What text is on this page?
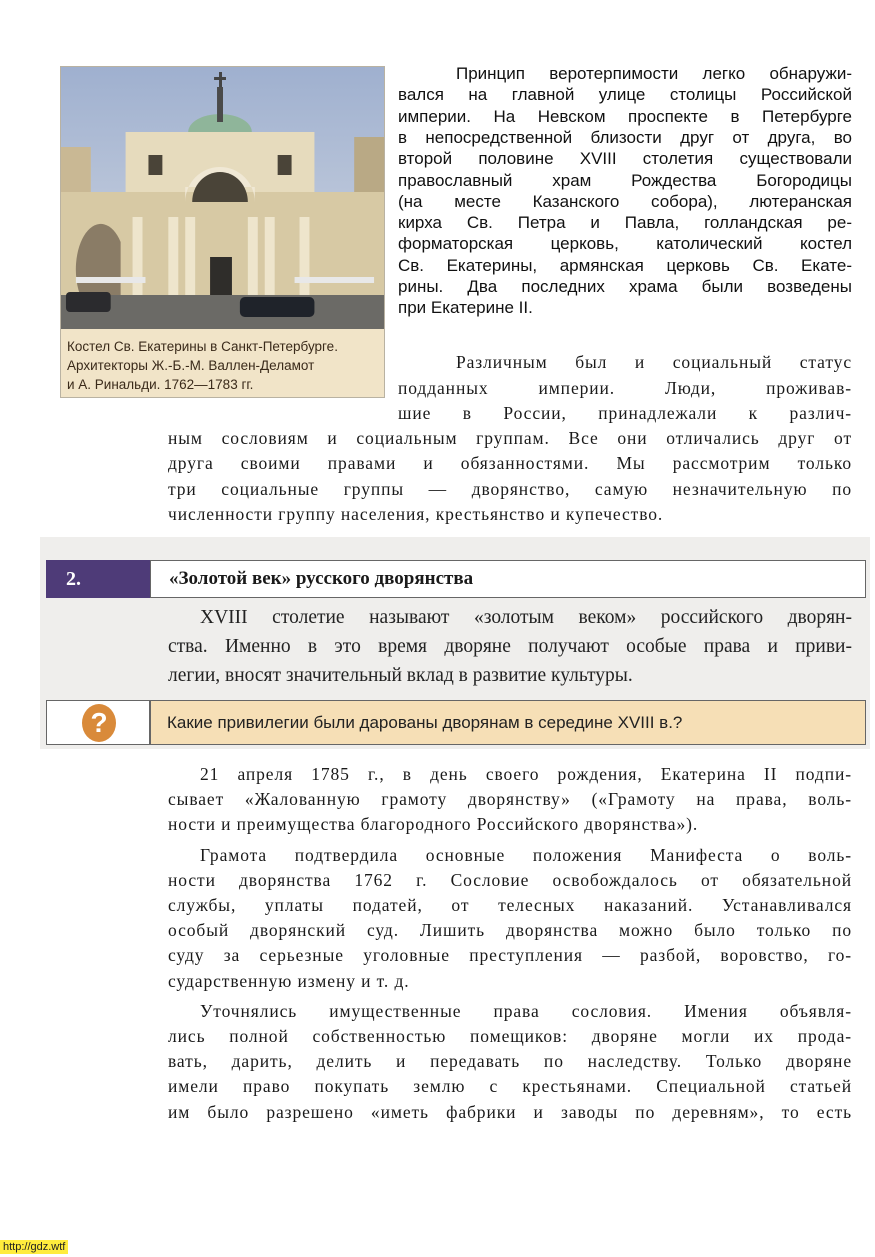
Костел Св. Екатерины в Санкт-Петербурге.
Архитекторы Ж.-Б.-М. Валлен-Деламот
и А. Ринальди. 1762—1783 гг.
Принцип веротерпимости легко обнаружи-
вался на главной улице столицы Российской
империи. На Невском проспекте в Петербурге
в непосредственной близости друг от друга, во
второй половине XVIII столетия существовали
православный храм Рождества Богородицы
(на месте Казанского собора), лютеранская
кирха Св. Петра и Павла, голландская ре-
форматорская церковь, католический костел
Св. Екатерины, армянская церковь Св. Екате-
рины. Два последних храма были возведены
при Екатерине II.
Различным был и социальный статус
подданных империи. Люди, проживав-
шие в России, принадлежали к различ-
ным сословиям и социальным группам. Все они отличались друг от
друга своими правами и обязанностями. Мы рассмотрим только
три социальные группы — дворянство, самую незначительную по
численности группу населения, крестьянство и купечество.
2.	«Золотой век» русского дворянства
XVIII столетие называют «золотым веком» российского дворян-
ства. Именно в это время дворяне получают особые права и приви-
легии, вносят значительный вклад в развитие культуры.
?	Какие привилегии были дарованы дворянам в середине XVIII в.?
21 апреля 1785 г., в день своего рождения, Екатерина II подпи-
сывает «Жалованную грамоту дворянству» («Грамоту на права, воль-
ности и преимущества благородного Российского дворянства»).
Грамота подтвердила основные положения Манифеста о воль-
ности дворянства 1762 г. Сословие освобождалось от обязательной
службы, уплаты податей, от телесных наказаний. Устанавливался
особый дворянский суд. Лишить дворянства можно было только по
суду за серьезные уголовные преступления — разбой, воровство, го-
сударственную измену и т. д.
Уточнялись имущественные права сословия. Имения объявля-
лись полной собственностью помещиков: дворяне могли их прода-
вать, дарить, делить и передавать по наследству. Только дворяне
имели право покупать землю с крестьянами. Специальной статьей
им было разрешено «иметь фабрики и заводы по деревням», то есть
http://gdz.wtf
